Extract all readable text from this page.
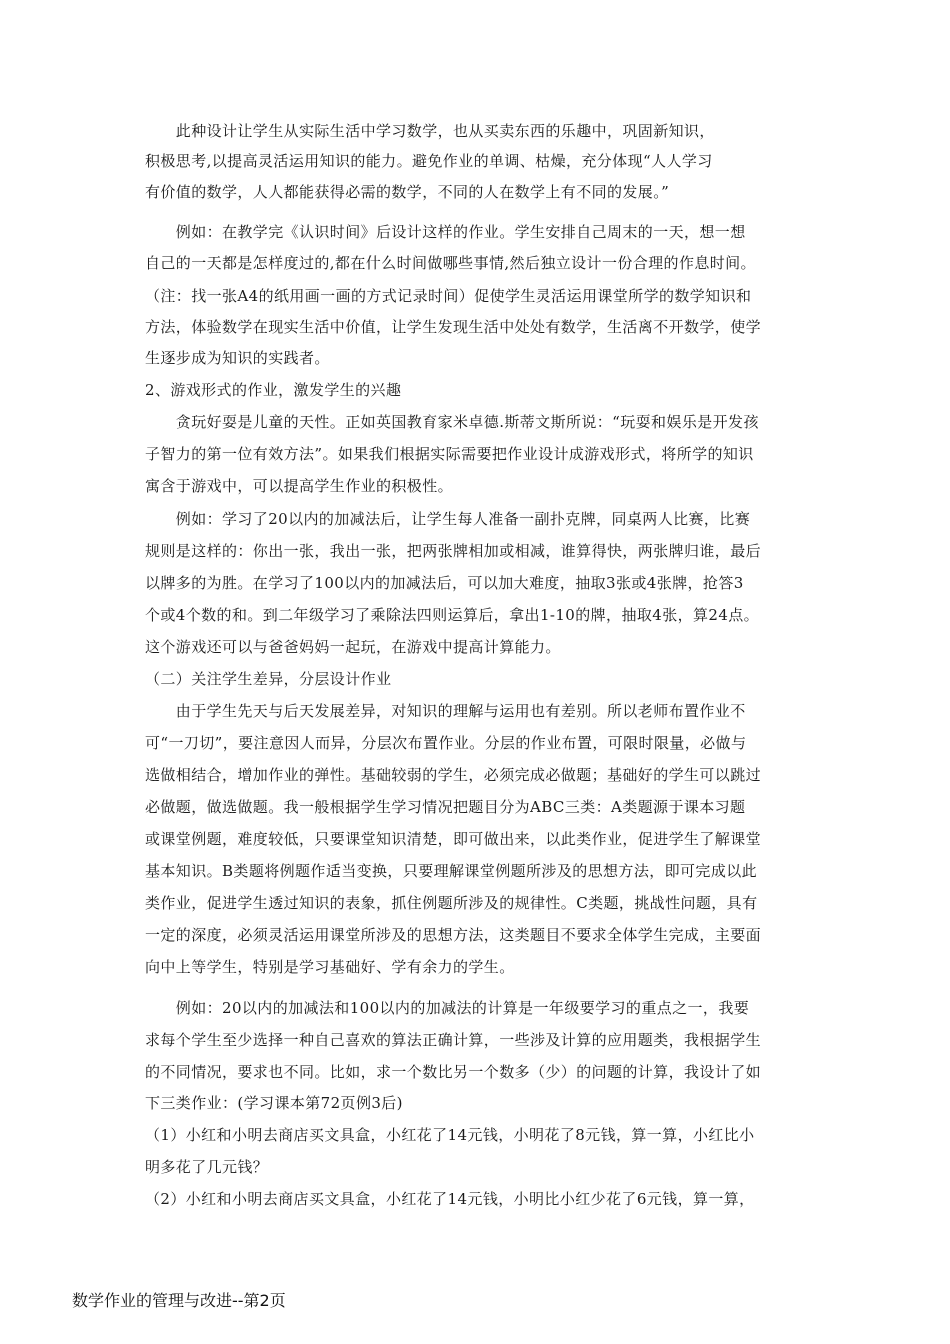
　　此种设计让学生从实际生活中学习数学，也从买卖东西的乐趣中，巩固新知识，
积极思考,以提高灵活运用知识的能力。避免作业的单调、枯燥，充分体现“人人学习
有价值的数学，人人都能获得必需的数学，不同的人在数学上有不同的发展。”
　　例如：在教学完《认识时间》后设计这样的作业。学生安排自己周末的一天，想一想
自己的一天都是怎样度过的,都在什么时间做哪些事情,然后独立设计一份合理的作息时间。
（注：找一张A4的纸用画一画的方式记录时间）促使学生灵活运用课堂所学的数学知识和
方法，体验数学在现实生活中价值，让学生发现生活中处处有数学，生活离不开数学，使学
生逐步成为知识的实践者。
2、游戏形式的作业，激发学生的兴趣
　　贪玩好耍是儿童的天性。正如英国教育家米卓德.斯蒂文斯所说：“玩耍和娱乐是开发孩
子智力的第一位有效方法”。如果我们根据实际需要把作业设计成游戏形式，将所学的知识
寓含于游戏中，可以提高学生作业的积极性。
　　例如：学习了20以内的加减法后，让学生每人准备一副扑克牌，同桌两人比赛，比赛
规则是这样的：你出一张，我出一张，把两张牌相加或相减，谁算得快，两张牌归谁，最后
以牌多的为胜。在学习了100以内的加减法后，可以加大难度，抽取3张或4张牌，抢答3
个或4个数的和。到二年级学习了乘除法四则运算后，拿出1-10的牌，抽取4张，算24点。
这个游戏还可以与爸爸妈妈一起玩，在游戏中提高计算能力。
（二）关注学生差异，分层设计作业
　　由于学生先天与后天发展差异，对知识的理解与运用也有差别。所以老师布置作业不
可“一刀切”，要注意因人而异，分层次布置作业。分层的作业布置，可限时限量，必做与
选做相结合，增加作业的弹性。基础较弱的学生，必须完成必做题；基础好的学生可以跳过
必做题，做选做题。我一般根据学生学习情况把题目分为ABC三类：A类题源于课本习题
或课堂例题，难度较低，只要课堂知识清楚，即可做出来，以此类作业，促进学生了解课堂
基本知识。B类题将例题作适当变换，只要理解课堂例题所涉及的思想方法，即可完成以此
类作业，促进学生透过知识的表象，抓住例题所涉及的规律性。C类题，挑战性问题，具有
一定的深度，必须灵活运用课堂所涉及的思想方法，这类题目不要求全体学生完成，主要面
向中上等学生，特别是学习基础好、学有余力的学生。
　　例如：20以内的加减法和100以内的加减法的计算是一年级要学习的重点之一，我要
求每个学生至少选择一种自己喜欢的算法正确计算，一些涉及计算的应用题类，我根据学生
的不同情况，要求也不同。比如，求一个数比另一个数多（少）的问题的计算，我设计了如
下三类作业：(学习课本第72页例3后)
（1）小红和小明去商店买文具盒，小红花了14元钱，小明花了8元钱，算一算，小红比小
明多花了几元钱？
（2）小红和小明去商店买文具盒，小红花了14元钱，小明比小红少花了6元钱，算一算，
数学作业的管理与改进--第2页
